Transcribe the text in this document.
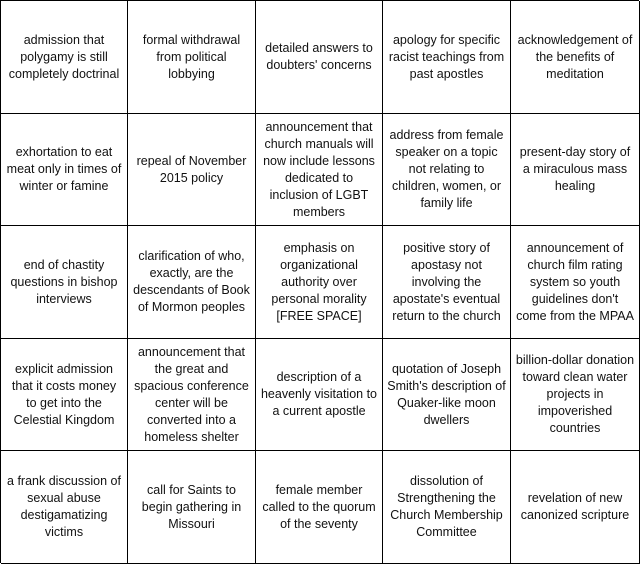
admission that polygamy is still completely doctrinal
formal withdrawal from political lobbying
detailed answers to doubters' concerns
apology for specific racist teachings from past apostles
acknowledgement of the benefits of meditation
exhortation to eat meat only in times of winter or famine
repeal of November 2015 policy
announcement that church manuals will now include lessons dedicated to inclusion of LGBT members
address from female speaker on a topic not relating to children, women, or family life
present-day story of a miraculous mass healing
end of chastity questions in bishop interviews
clarification of who, exactly, are the descendants of Book of Mormon peoples
emphasis on organizational authority over personal morality
[FREE SPACE]
positive story of apostasy not involving the apostate's eventual return to the church
announcement of church film rating system so youth guidelines don't come from the MPAA
explicit admission that it costs money to get into the Celestial Kingdom
announcement that the great and spacious conference center will be converted into a homeless shelter
description of a heavenly visitation to a current apostle
quotation of Joseph Smith's description of Quaker-like moon dwellers
billion-dollar donation toward clean water projects in impoverished countries
a frank discussion of sexual abuse destigamatizing victims
call for Saints to begin gathering in Missouri
female member called to the quorum of the seventy
dissolution of Strengthening the Church Membership Committee
revelation of new canonized scripture
